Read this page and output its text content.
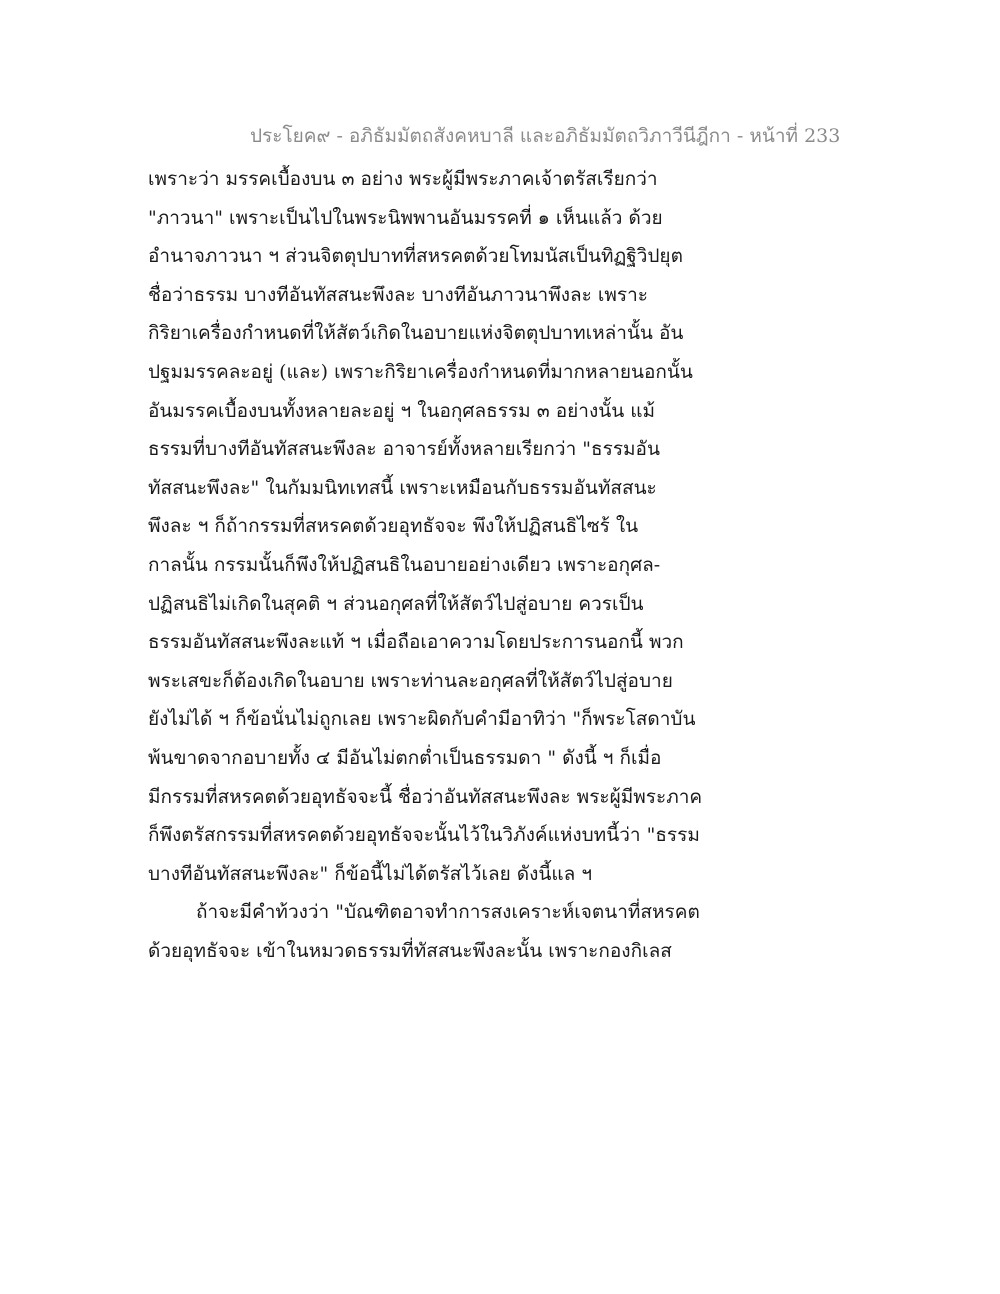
ประโยค๙ - อภิธัมมัตถสังคหบาลี และอภิธัมมัตถวิภาวีนีฎีกา - หน้าที่ 233
เพราะว่า มรรคเบื้องบน ๓ อย่าง พระผู้มีพระภาคเจ้าตรัสเรียกว่า
"ภาวนา" เพราะเป็นไปในพระนิพพานอันมรรคที่ ๑ เห็นแล้ว ด้วย
อำนาจภาวนา ฯ ส่วนจิตตุปบาทที่สหรคตด้วยโทมนัสเป็นทิฏฐิวิปยุต
ชื่อว่าธรรม บางทีอันทัสสนะพึงละ บางทีอันภาวนาพึงละ เพราะ
กิริยาเครื่องกำหนดที่ให้สัตว์เกิดในอบายแห่งจิตตุปบาทเหล่านั้น อัน
ปฐมมรรคละอยู่ (และ) เพราะกิริยาเครื่องกำหนดที่มากหลายนอกนั้น
อันมรรคเบื้องบนทั้งหลายละอยู่ ฯ ในอกุศลธรรม ๓ อย่างนั้น แม้
ธรรมที่บางทีอันทัสสนะพึงละ อาจารย์ทั้งหลายเรียกว่า "ธรรมอัน
ทัสสนะพึงละ" ในกัมมนิทเทสนี้ เพราะเหมือนกับธรรมอันทัสสนะ
พึงละ ฯ ก็ถ้ากรรมที่สหรคตด้วยอุทธัจจะ พึงให้ปฏิสนธิไซร้ ใน
กาลนั้น กรรมนั้นก็พึงให้ปฏิสนธิในอบายอย่างเดียว เพราะอกุศล-
ปฏิสนธิไม่เกิดในสุคติ ฯ ส่วนอกุศลที่ให้สัตว์ไปสู่อบาย ควรเป็น
ธรรมอันทัสสนะพึงละแท้ ฯ เมื่อถือเอาความโดยประการนอกนี้ พวก
พระเสขะก็ต้องเกิดในอบาย เพราะท่านละอกุศลที่ให้สัตว์ไปสู่อบาย
ยังไม่ได้ ฯ ก็ข้อนั่นไม่ถูกเลย เพราะผิดกับคำมีอาทิว่า "ก็พระโสดาบัน
พ้นขาดจากอบายทั้ง ๔ มีอันไม่ตกต่ำเป็นธรรมดา " ดังนี้ ฯ ก็เมื่อ
มีกรรมที่สหรคตด้วยอุทธัจจะนี้ ชื่อว่าอันทัสสนะพึงละ พระผู้มีพระภาค
ก็พึงตรัสกรรมที่สหรคตด้วยอุทธัจจะนั้นไว้ในวิภังค์แห่งบทนี้ว่า "ธรรม
บางทีอันทัสสนะพึงละ" ก็ข้อนี้ไม่ได้ตรัสไว้เลย ดังนี้แล ฯ
ถ้าจะมีคำท้วงว่า "บัณฑิตอาจทำการสงเคราะห์เจตนาที่สหรคต
ด้วยอุทธัจจะ เข้าในหมวดธรรมที่ทัสสนะพึงละนั้น เพราะกองกิเลส
